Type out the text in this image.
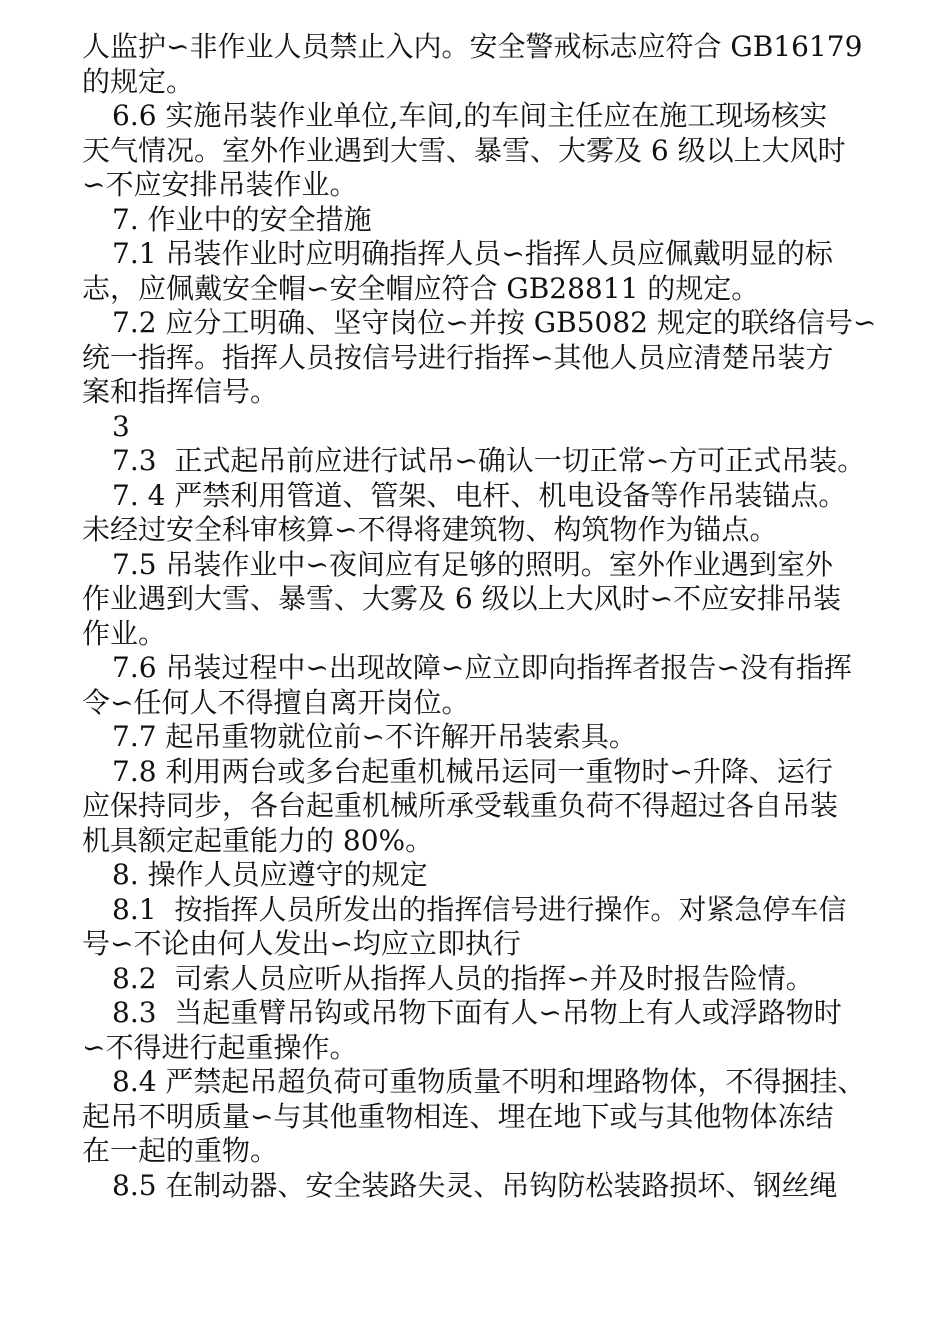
人监护∽非作业人员禁止入内。安全警戒标志应符合 GB16179
的规定。
6.6 实施吊装作业单位,车间,的车间主任应在施工现场核实
天气情况。室外作业遇到大雪、暴雪、大雾及 6 级以上大风时
∽不应安排吊装作业。
7. 作业中的安全措施
7.1 吊装作业时应明确指挥人员∽指挥人员应佩戴明显的标
志，应佩戴安全帽∽安全帽应符合 GB28811 的规定。
7.2 应分工明确、坚守岗位∽并按 GB5082 规定的联络信号∽
统一指挥。指挥人员按信号进行指挥∽其他人员应清楚吊装方
案和指挥信号。
3
7.3  正式起吊前应进行试吊∽确认一切正常∽方可正式吊装。
7. 4 严禁利用管道、管架、电杆、机电设备等作吊装锚点。
未经过安全科审核算∽不得将建筑物、构筑物作为锚点。
7.5 吊装作业中∽夜间应有足够的照明。室外作业遇到室外
作业遇到大雪、暴雪、大雾及 6 级以上大风时∽不应安排吊装
作业。
7.6 吊装过程中∽出现故障∽应立即向指挥者报告∽没有指挥
令∽任何人不得擅自离开岗位。
7.7 起吊重物就位前∽不许解开吊装索具。
7.8 利用两台或多台起重机械吊运同一重物时∽升降、运行
应保持同步，各台起重机械所承受载重负荷不得超过各自吊装
机具额定起重能力的 80%。
8. 操作人员应遵守的规定
8.1  按指挥人员所发出的指挥信号进行操作。对紧急停车信
号∽不论由何人发出∽均应立即执行
8.2  司索人员应听从指挥人员的指挥∽并及时报告险情。
8.3  当起重臂吊钩或吊物下面有人∽吊物上有人或浮路物时
∽不得进行起重操作。
8.4 严禁起吊超负荷可重物质量不明和埋路物体，不得捆挂、
起吊不明质量∽与其他重物相连、埋在地下或与其他物体冻结
在一起的重物。
8.5 在制动器、安全装路失灵、吊钩防松装路损坏、钢丝绳
